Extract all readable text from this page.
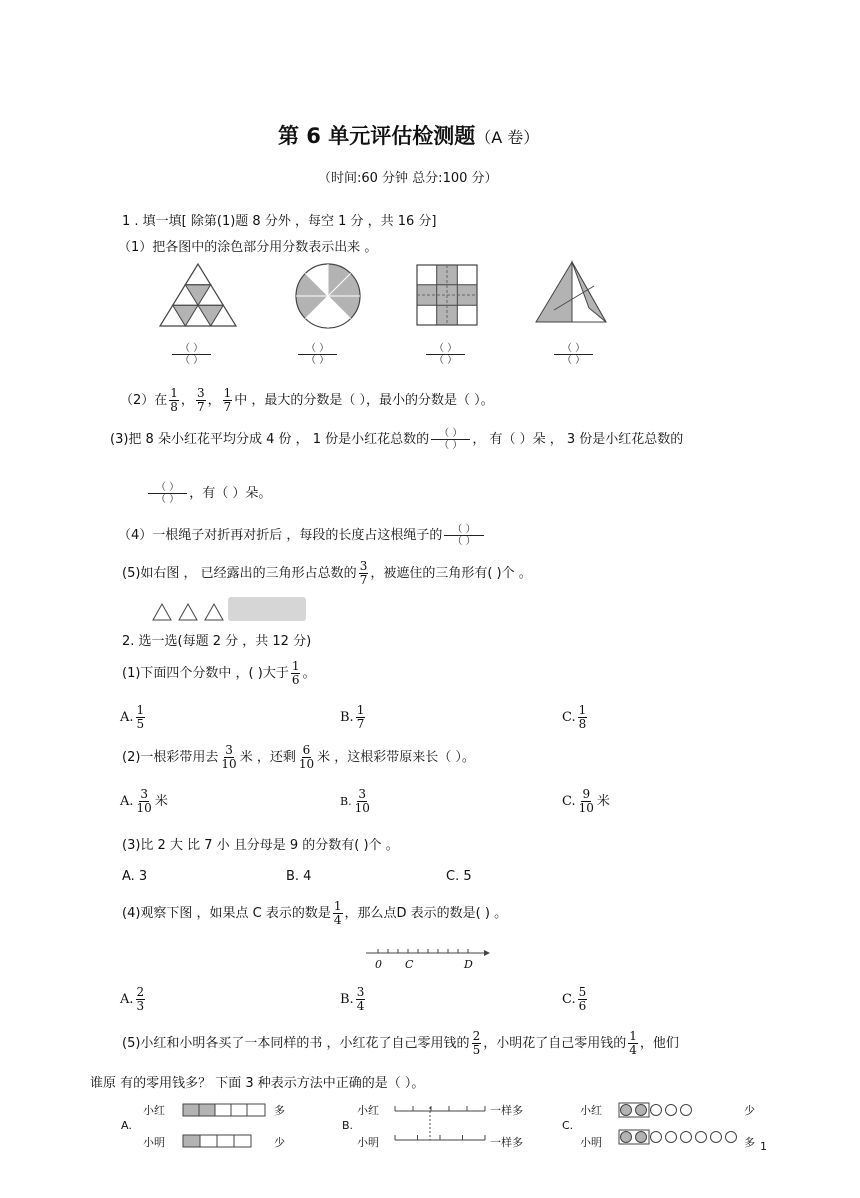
第 6 单元评估检测题（A 卷）
（时间:60 分钟 总分:100 分）
1 . 填一填[ 除第(1)题 8 分外 ，每空 1 分 ，共 16 分]
（1）把各图中的涂色部分用分数表示出来 。
$\frac{( )}{( )}$	$\frac{( )}{( )}$	$\frac{( )}{( )}$	$\frac{( )}{( )}$
（2）在 $\frac{1}{8}$ ， $\frac{3}{7}$ ， $\frac{1}{7}$ 中 ，最大的分数是（ ），最小的分数是（ ）。
(3)把 8 朵小红花平均分成 4 份 ， 1 份是小红花总数的 $\frac{( )}{( )}$ ， 有（ ）朵 ， 3 份是小红花总数的
$\frac{( )}{( )}$ ，有（ ）朵。
（4）一根绳子对折再对折后 ，每段的长度占这根绳子的 $\frac{( )}{( )}$
(5)如右图 ， 已经露出的三角形占总数的 $\frac{3}{7}$ ，被遮住的三角形有( )个 。
2. 选一选(每题 2 分 ，共 12 分)
(1)下面四个分数中 ，( )大于 $\frac{1}{6}$ 。
A. $\frac{1}{5}$	B. $\frac{1}{7}$	C. $\frac{1}{8}$
(2)一根彩带用去 $\frac{3}{10}$ 米 ，还剩 $\frac{6}{10}$ 米 ，这根彩带原来长（ ）。
A. $\frac{3}{10}$ 米	B. $\frac{3}{10}$	C. $\frac{9}{10}$ 米
(3)比 2 大 比 7 小 且分母是 9 的分数有( )个 。
A. 3	B. 4	C. 5
(4)观察下图 ，如果点 C 表示的数是 $\frac{1}{4}$ ，那么点D 表示的数是( ) 。
0 C	D
A. $\frac{2}{3}$	B. $\frac{3}{4}$	C. $\frac{5}{6}$
(5)小红和小明各买了一本同样的书 ，小红花了自己零用钱的 $\frac{2}{5}$ ，小明花了自己零用钱的 $\frac{1}{4}$ ，他们
谁原 有的零用钱多？ 下面 3 种表示方法中正确的是（ ）。
A.
小红
小明
多
少
B.
小红
小明
一样多
一样多
C.
小红
小明
少
多 1
